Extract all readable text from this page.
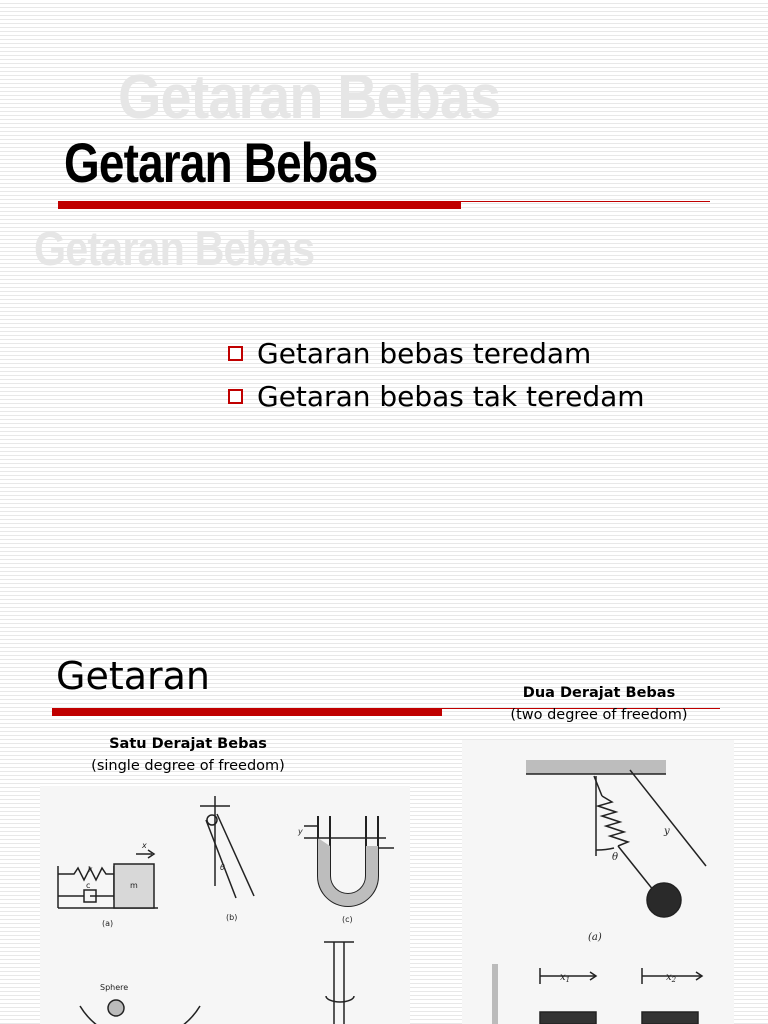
Getaran Bebas
Getaran Bebas
Getaran Bebas
Getaran bebas teredam
Getaran bebas tak teredam
Getaran	Dua Derajat Bebas
(two degree of freedom)
Satu Derajat Bebas
(single degree of freedom)
k
c	m
x
(a)
θ
(b)
y
(c)
Sphere
y
θ
(a)
$x_1$	$x_2$
